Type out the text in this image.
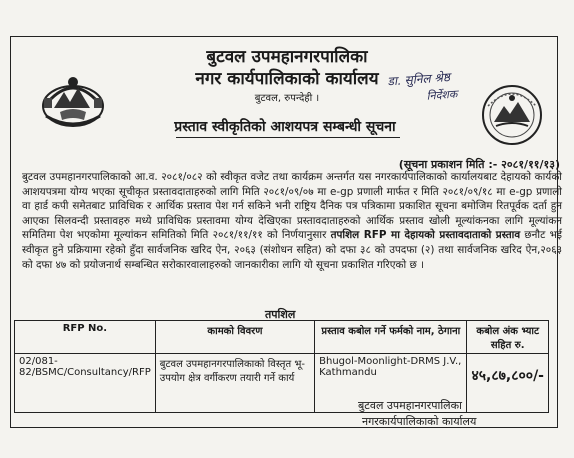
बुटवल उपमहानगरपालिका
नगर कार्यपालिकाको कार्यालय
बुटवल, रुपन्देही ।
डा. सुनिल श्रेष्ठ
निर्देशक
प्रस्ताव स्वीकृतिको आशयपत्र सम्बन्धी सूचना
(सूचना प्रकाशन मिति :- २०८१/११/१३)
बुटवल उपमहानगरपालिकाको आ.व. २०८१/०८२ को स्वीकृत वजेट तथा कार्यक्रम अन्तर्गत यस नगरकार्यपालिकाको कार्यालयबाट देहायको कार्यको आशयपत्रमा योग्य भएका सूचीकृत प्रस्तावदाताहरुको लागि मिति २०८१/०९/०७ मा e-gp प्रणाली मार्फत र मिति २०८१/०९/१८ मा e-gp प्रणाली वा हार्ड कपी समेतबाट प्राविधिक र आर्थिक प्रस्ताव पेश गर्न सकिने भनी राष्ट्रिय दैनिक पत्र पत्रिकामा प्रकाशित सूचना बमोजिम रितपूर्वक दर्ता हुन आएका सिलवन्दी प्रस्तावहरु मध्ये प्राविधिक प्रस्तावमा योग्य देखिएका प्रस्तावदाताहरुको आर्थिक प्रस्ताव खोली मूल्यांकनका लागि मूल्यांकन समितिमा पेश भएकोमा मूल्यांकन समितिको मिति २०८१/११/११ को निर्णयानुसार तपशिल RFP मा देहायको प्रस्तावदाताको प्रस्ताव छनौट भई स्वीकृत हुने प्रक्रियामा रहेको हुँदा सार्वजनिक खरिद ऐन, २०६३ (संशोधन सहित) को दफा ३८ को उपदफा (२) तथा सार्वजनिक खरिद ऐन,२०६३ को दफा ४७ को प्रयोजनार्थ सम्बन्धित सरोकारवालाहरुको जानकारीका लागि यो सूचना प्रकाशित गरिएको छ ।
तपशिल
RFP No.	कामको विवरण	प्रस्ताव कबोल गर्ने फर्मको नाम, ठेगाना	कबोल अंक भ्याट सहित रु.
02/081-82/BSMC/Consultancy/RFP	बुटवल उपमहानगरपालिकाको विस्तृत भू-उपयोग क्षेत्र वर्गीकरण तयारी गर्ने कार्य	Bhugol-Moonlight-DRMS J.V., Kathmandu	४५,८७,८००/-
बुटवल उपमहानगरपालिका
नगरकार्यपालिकाको कार्यालय
